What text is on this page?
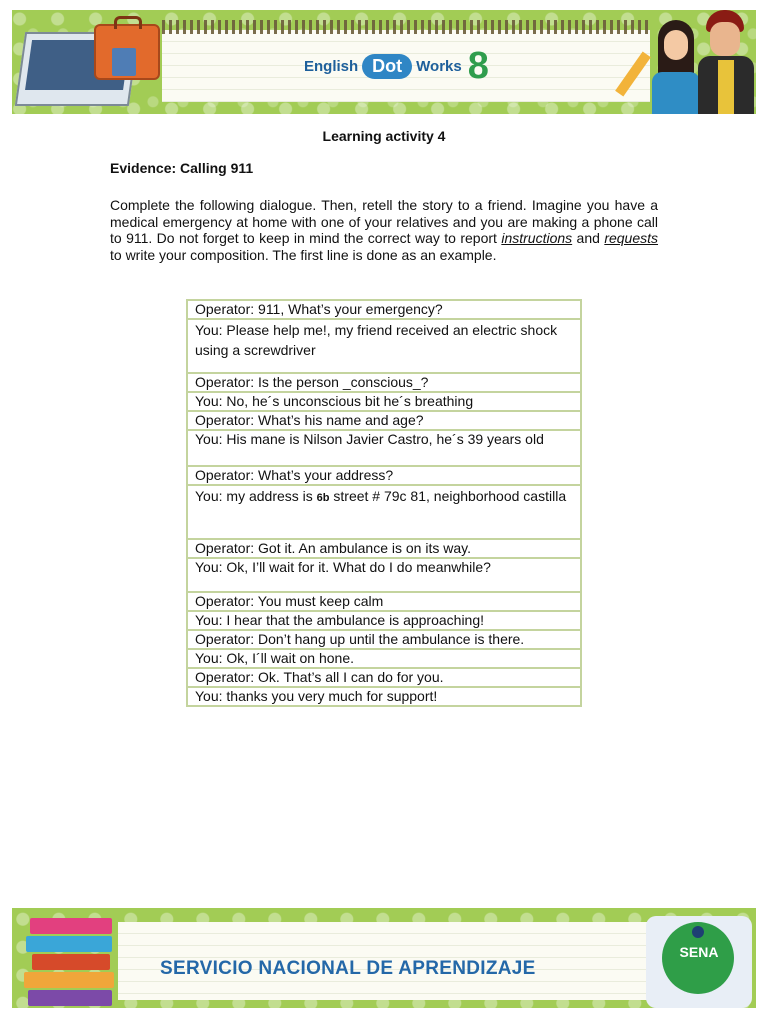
English Dot Works 8
Learning activity 4
Evidence: Calling 911
Complete the following dialogue. Then, retell the story to a friend. Imagine you have a medical emergency at home with one of your relatives and you are making a phone call to 911. Do not forget to keep in mind the correct way to report instructions and requests to write your composition. The first line is done as an example.
Operator: 911, What’s your emergency?
You: Please help me!, my friend received an electric shock using a screwdriver
Operator: Is the person _conscious_?
You: No, he´s unconscious bit he´s breathing
Operator: What’s his name and age?
You: His mane is Nilson Javier Castro, he´s 39 years old
Operator: What’s your address?
You: my address is 6b street # 79c 81, neighborhood castilla
Operator: Got it. An ambulance is on its way.
You: Ok, I’ll wait for it. What do I do meanwhile?
Operator: You must keep calm
You: I hear that the ambulance is approaching!
Operator: Don’t hang up until the ambulance is there.
You: Ok, I´ll wait on hone.
Operator: Ok. That’s all I can do for you.
You: thanks you very much for support!
SERVICIO NACIONAL DE APRENDIZAJE
SENA
